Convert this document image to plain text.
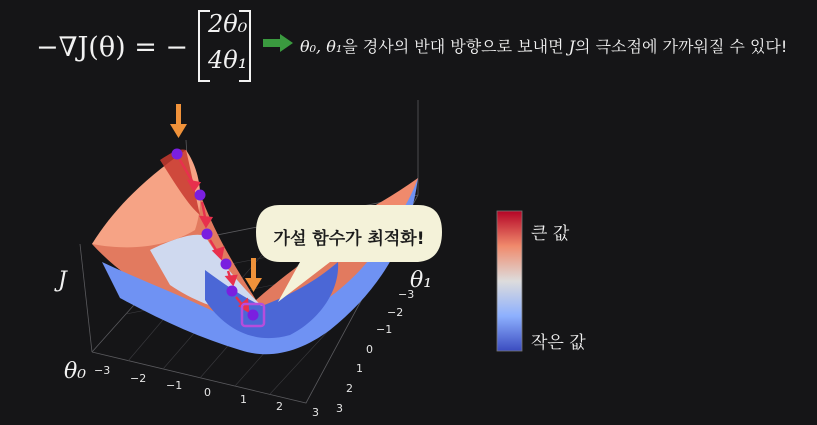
−∇J(θ) = −
2θ₀
4θ₁	θ₀, θ₁을 경사의 반대 방향으로 보내면 J의 극소점에 가까워질 수 있다!
가설 함수가 최적화!
J
θ₀
θ₁
−3
−2
−1
0
1
2	3
−3
−2
−1
0
1
2
3
큰 값
작은 값
